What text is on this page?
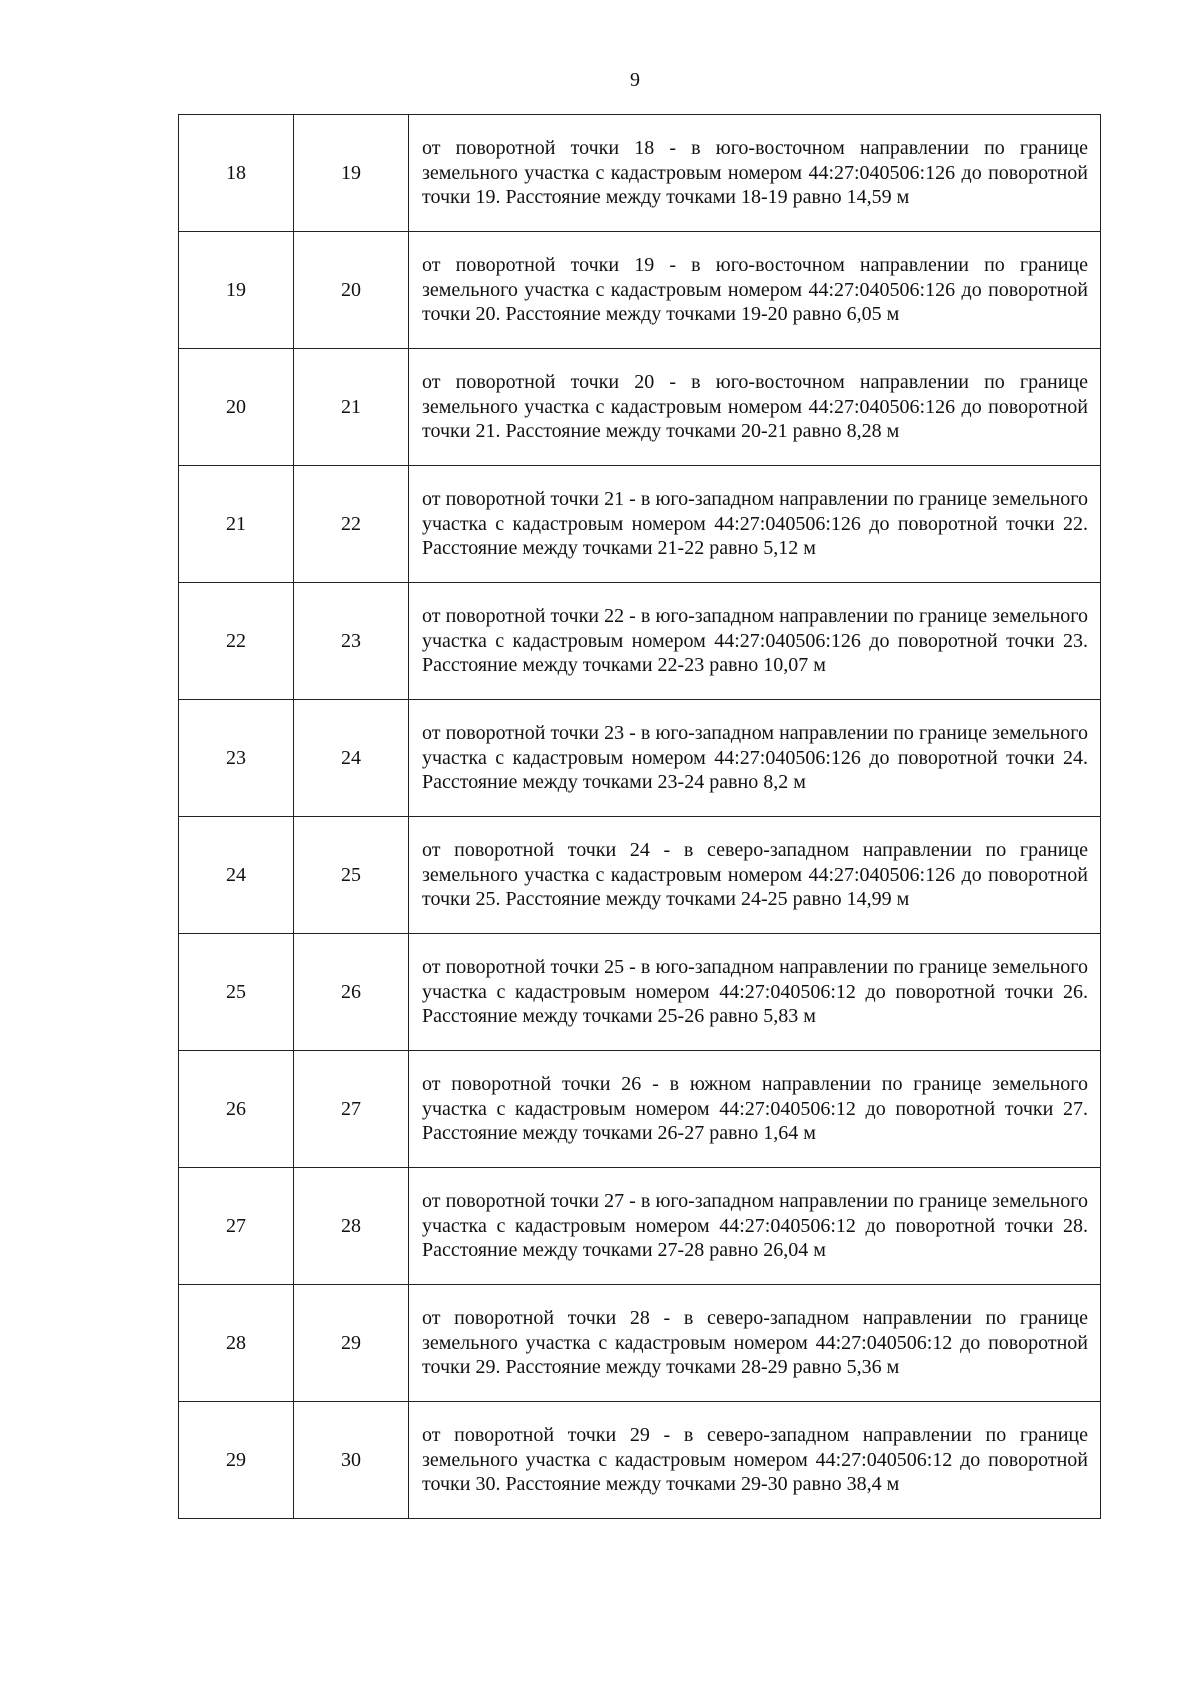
9
18	19	от поворотной точки 18 - в юго-восточном направлении по границе земельного участка с кадастровым номером 44:27:040506:126 до поворотной точки 19. Расстояние между точками 18-19 равно 14,59 м
19	20	от поворотной точки 19 - в юго-восточном направлении по границе земельного участка с кадастровым номером 44:27:040506:126 до поворотной точки 20. Расстояние между точками 19-20 равно 6,05 м
20	21	от поворотной точки 20 - в юго-восточном направлении по границе земельного участка с кадастровым номером 44:27:040506:126 до поворотной точки 21. Расстояние между точками 20-21 равно 8,28 м
21	22	от поворотной точки 21 - в юго-западном направлении по границе земельного участка с кадастровым номером 44:27:040506:126 до поворотной точки 22. Расстояние между точками 21-22 равно 5,12 м
22	23	от поворотной точки 22 - в юго-западном направлении по границе земельного участка с кадастровым номером 44:27:040506:126 до поворотной точки 23. Расстояние между точками 22-23 равно 10,07 м
23	24	от поворотной точки 23 - в юго-западном направлении по границе земельного участка с кадастровым номером 44:27:040506:126 до поворотной точки 24. Расстояние между точками 23-24 равно 8,2 м
24	25	от поворотной точки 24 - в северо-западном направлении по границе земельного участка с кадастровым номером 44:27:040506:126 до поворотной точки 25. Расстояние между точками 24-25 равно 14,99 м
25	26	от поворотной точки 25 - в юго-западном направлении по границе земельного участка с кадастровым номером 44:27:040506:12 до поворотной точки 26. Расстояние между точками 25-26 равно 5,83 м
26	27	от поворотной точки 26 - в южном направлении по границе земельного участка с кадастровым номером 44:27:040506:12 до поворотной точки 27. Расстояние между точками 26-27 равно 1,64 м
27	28	от поворотной точки 27 - в юго-западном направлении по границе земельного участка с кадастровым номером 44:27:040506:12 до поворотной точки 28. Расстояние между точками 27-28 равно 26,04 м
28	29	от поворотной точки 28 - в северо-западном направлении по границе земельного участка с кадастровым номером 44:27:040506:12 до поворотной точки 29. Расстояние между точками 28-29 равно 5,36 м
29	30	от поворотной точки 29 - в северо-западном направлении по границе земельного участка с кадастровым номером 44:27:040506:12 до поворотной точки 30. Расстояние между точками 29-30 равно 38,4 м
